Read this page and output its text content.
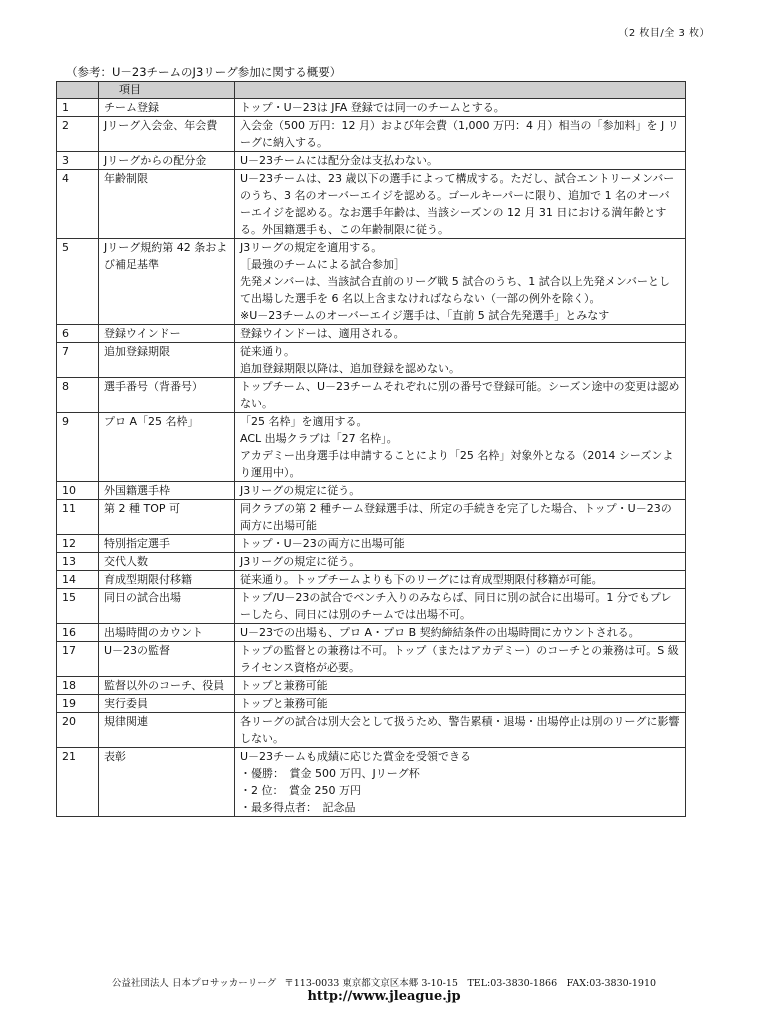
（2 枚目/全 3 枚）
（参考：U－23チームのJ3リーグ参加に関する概要）
	項目	
1	チーム登録	トップ・U－23は JFA 登録では同一のチームとする。
2	Jリーグ入会金、年会費	入会金（500 万円：12 月）および年会費（1,000 万円：4 月）相当の「参加料」を J リーグに納入する。
3	Jリーグからの配分金	U－23チームには配分金は支払わない。
4	年齢制限	U－23チームは、23 歳以下の選手によって構成する。ただし、試合エントリーメンバーのうち、3 名のオーバーエイジを認める。ゴールキーパーに限り、追加で 1 名のオーバーエイジを認める。なお選手年齢は、当該シーズンの 12 月 31 日における満年齢とする。外国籍選手も、この年齢制限に従う。
5	Jリーグ規約第 42 条および補足基準	J3リーグの規定を適用する。
［最強のチームによる試合参加］
先発メンバーは、当該試合直前のリーグ戦 5 試合のうち、1 試合以上先発メンバーとして出場した選手を 6 名以上含まなければならない（一部の例外を除く）。
※U－23チームのオーバーエイジ選手は、「直前 5 試合先発選手」とみなす
6	登録ウインドー	登録ウインドーは、適用される。
7	追加登録期限	従来通り。
追加登録期限以降は、追加登録を認めない。
8	選手番号（背番号）	トップチーム、U－23チームそれぞれに別の番号で登録可能。シーズン途中の変更は認めない。
9	プロ A「25 名枠」	「25 名枠」を適用する。
ACL 出場クラブは「27 名枠」。
アカデミー出身選手は申請することにより「25 名枠」対象外となる（2014 シーズンより運用中）。
10	外国籍選手枠	J3リーグの規定に従う。
11	第 2 種 TOP 可	同クラブの第 2 種チーム登録選手は、所定の手続きを完了した場合、トップ・U－23の両方に出場可能
12	特別指定選手	トップ・U－23の両方に出場可能
13	交代人数	J3リーグの規定に従う。
14	育成型期限付移籍	従来通り。トップチームよりも下のリーグには育成型期限付移籍が可能。
15	同日の試合出場	トップ/U－23の試合でベンチ入りのみならば、同日に別の試合に出場可。1 分でもプレーしたら、同日には別のチームでは出場不可。
16	出場時間のカウント	U－23での出場も、プロ A・プロ B 契約締結条件の出場時間にカウントされる。
17	U－23の監督	トップの監督との兼務は不可。トップ（またはアカデミー）のコーチとの兼務は可。S 級ライセンス資格が必要。
18	監督以外のコーチ、役員	トップと兼務可能
19	実行委員	トップと兼務可能
20	規律関連	各リーグの試合は別大会として扱うため、警告累積・退場・出場停止は別のリーグに影響しない。
21	表彰	U－23チームも成績に応じた賞金を受領できる
・優勝：　賞金 500 万円、Jリーグ杯
・2 位：　賞金 250 万円
・最多得点者：　記念品
公益社団法人 日本プロサッカーリーグ 〒113-0033 東京都文京区本郷 3-10-15　TEL:03-3830-1866　FAX:03-3830-1910
http://www.jleague.jp
